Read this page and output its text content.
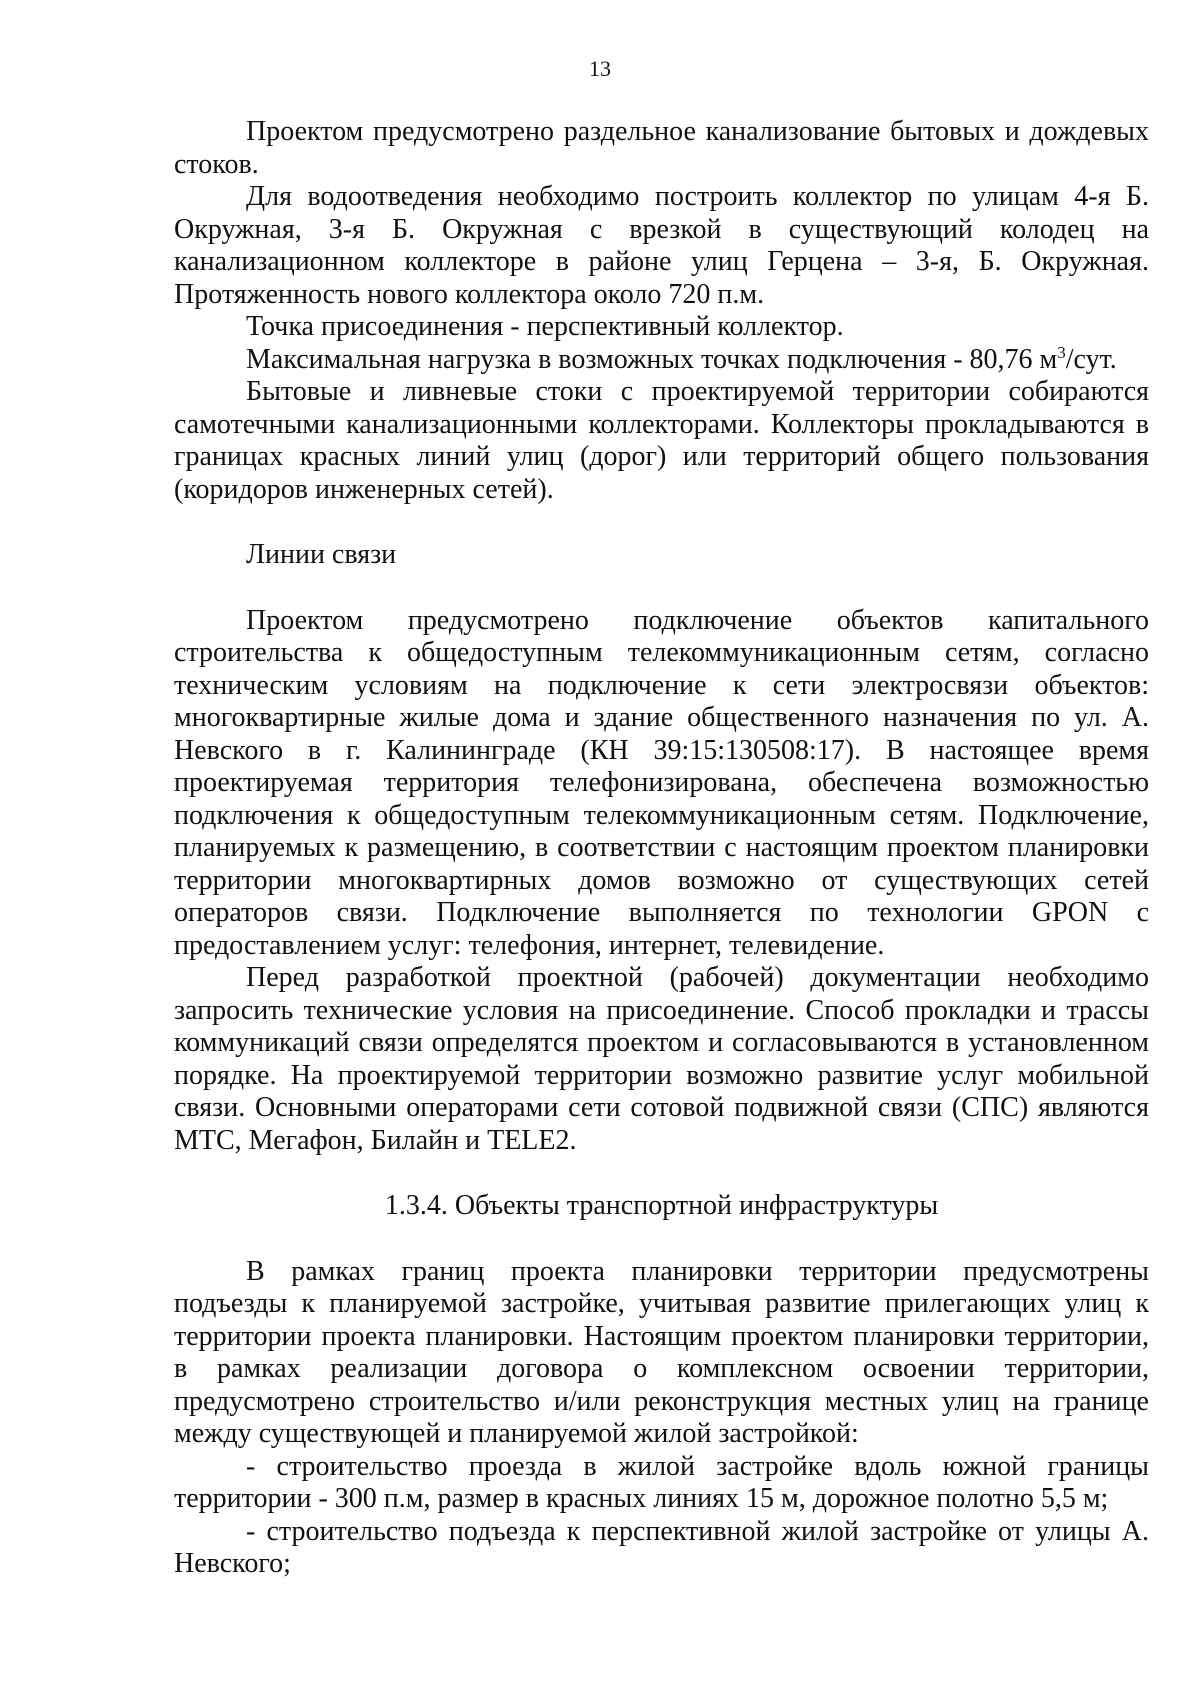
13

Проектом предусмотрено раздельное канализование бытовых и дождевых стоков.

Для водоотведения необходимо построить коллектор по улицам 4-я Б. Окружная, 3-я Б. Окружная с врезкой в существующий колодец на канализационном коллекторе в районе улиц Герцена – 3-я, Б. Окружная. Протяженность нового коллектора около 720 п.м.

Точка присоединения - перспективный коллектор.

Максимальная нагрузка в возможных точках подключения - 80,76 $м^3$/сут.

Бытовые и ливневые стоки с проектируемой территории собираются самотечными канализационными коллекторами. Коллекторы прокладываются в границах красных линий улиц (дорог) или территорий общего пользования (коридоров инженерных сетей).

Линии связи

Проектом предусмотрено подключение объектов капитального строительства к общедоступным телекоммуникационным сетям, согласно техническим условиям на подключение к сети электросвязи объектов: многоквартирные жилые дома и здание общественного назначения по ул. А. Невского в г. Калининграде (КН 39:15:130508:17). В настоящее время проектируемая территория телефонизирована, обеспечена возможностью подключения к общедоступным телекоммуникационным сетям. Подключение, планируемых к размещению, в соответствии с настоящим проектом планировки территории многоквартирных домов возможно от существующих сетей операторов связи. Подключение выполняется по технологии GPON с предоставлением услуг: телефония, интернет, телевидение.

Перед разработкой проектной (рабочей) документации необходимо запросить технические условия на присоединение. Способ прокладки и трассы коммуникаций связи определятся проектом и согласовываются в установленном порядке. На проектируемой территории возможно развитие услуг мобильной связи. Основными операторами сети сотовой подвижной связи (СПС) являются МТС, Мегафон, Билайн и TELE2.

1.3.4. Объекты транспортной инфраструктуры

В рамках границ проекта планировки территории предусмотрены подъезды к планируемой застройке, учитывая развитие прилегающих улиц к территории проекта планировки. Настоящим проектом планировки территории, в рамках реализации договора о комплексном освоении территории, предусмотрено строительство и/или реконструкция местных улиц на границе между существующей и планируемой жилой застройкой:

- строительство проезда в жилой застройке вдоль южной границы территории - 300 п.м, размер в красных линиях 15 м, дорожное полотно 5,5 м;

- строительство подъезда к перспективной жилой застройке от улицы А. Невского;
